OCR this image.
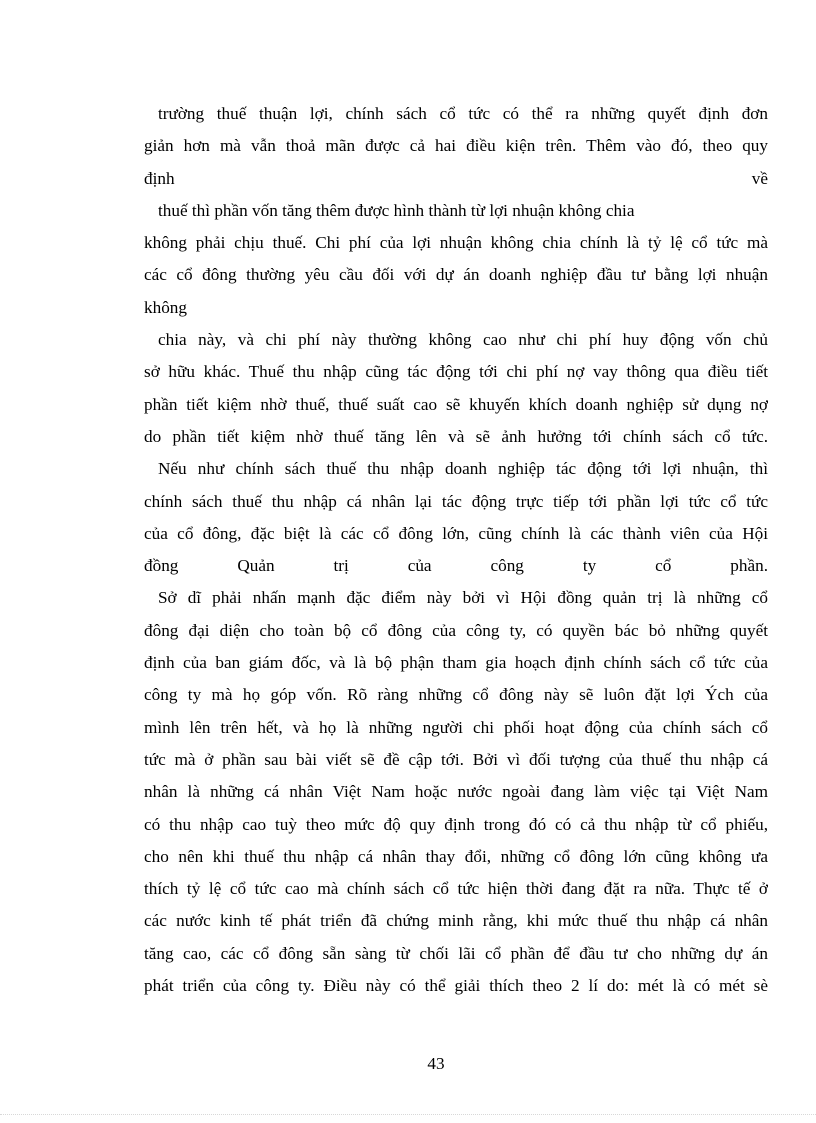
trường thuế thuận lợi, chính sách cổ tức có thể ra những quyết định đơn
giản hơn mà vẫn thoả mãn được cả hai điều kiện trên. Thêm vào đó, theo quy
định về
thuế thì phần vốn tăng thêm được hình thành từ lợi nhuận không chia
không phải chịu thuế. Chi phí của lợi nhuận không chia chính là tỷ lệ cổ tức mà
các cổ đông thường yêu cầu đối với dự án doanh nghiệp đầu tư bằng lợi nhuận
không
chia này, và chi phí này thường không cao như chi phí huy động vốn chủ
sở hữu khác. Thuế thu nhập cũng tác động tới chi phí nợ vay thông qua điều tiết
phần tiết kiệm nhờ thuế, thuế suất cao sẽ khuyến khích doanh nghiệp sử dụng nợ
do phần tiết kiệm nhờ thuế tăng lên và sẽ ảnh hưởng tới chính sách cổ tức.
Nếu như chính sách thuế thu nhập doanh nghiệp tác động tới lợi nhuận, thì
chính sách thuế thu nhập cá nhân lại tác động trực tiếp tới phần lợi tức cổ tức
của cổ đông, đặc biệt là các cổ đông lớn, cũng chính là các thành viên của Hội
đồng Quản trị của công ty cổ phần.
Sở dĩ phải nhấn mạnh đặc điểm này bởi vì Hội đồng quản trị là những cổ
đông đại diện cho toàn bộ cổ đông của công ty, có quyền bác bỏ những quyết
định của ban giám đốc, và là bộ phận tham gia hoạch định chính sách cổ tức của
công ty mà họ góp vốn. Rõ ràng những cổ đông này sẽ luôn đặt lợi Ých của
mình lên trên hết, và họ là những người chi phối hoạt động của chính sách cổ
tức mà ở phần sau bài viết sẽ đề cập tới. Bởi vì đối tượng của thuế thu nhập cá
nhân là những cá nhân Việt Nam hoặc nước ngoài đang làm việc tại Việt Nam
có thu nhập cao tuỳ theo mức độ quy định trong đó có cả thu nhập từ cổ phiếu,
cho nên khi thuế thu nhập cá nhân thay đổi, những cổ đông lớn cũng không ưa
thích tỷ lệ cổ tức cao mà chính sách cổ tức hiện thời đang đặt ra nữa. Thực tế ở
các nước kinh tế phát triển đã chứng minh rằng, khi mức thuế thu nhập cá nhân
tăng cao, các cổ đông sẵn sàng từ chối lãi cổ phần để đầu tư cho những dự án
phát triển của công ty. Điều này có thể giải thích theo 2 lí do: mét là có mét sè
43
